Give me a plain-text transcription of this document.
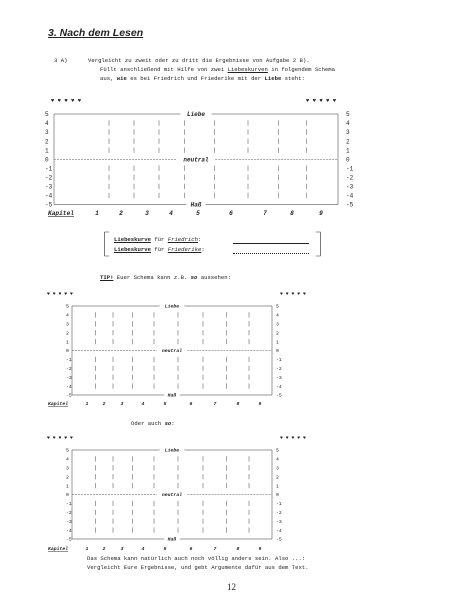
3. Nach dem Lesen
3 A)	Vergleicht zu zweit oder zu dritt die Ergebnisse von Aufgabe 2 B).
Füllt anschließend mit Hilfe von zwei Liebeskurven in folgendem Schema
aus, wie es bei Friedrich und Friederike mit der Liebe steht:
♥ ♥ ♥ ♥ ♥	♥ ♥ ♥ ♥ ♥
5
4
3
2
1
0
-1
-2
-3
-4
-5
5
4
3
2
1
0
-1
-2
-3
-4
-5
Liebe
Haß
neutral
Kapitel	1	2	3	4	5	6	7	8	9
Liebeskurve für Friedrich:
Liebeskurve für Friederike:
TIP! Euer Schema kann z.B. so aussehen:
♥ ♥ ♥ ♥ ♥	♥ ♥ ♥ ♥ ♥
5
4
3
2
1
0
-1
-2
-3
-4
-5
5
4
3
2
1
0
-1
-2
-3
-4
-5
Liebe
Haß
neutral
Kapitel	1	2	3	4	5	6	7	8	9
Oder auch so:
♥ ♥ ♥ ♥ ♥	♥ ♥ ♥ ♥ ♥
5
4
3
2
1
0
-1
-2
-3
-4
-5
5
4
3
2
1
0
-1
-2
-3
-4
-5
Liebe
Haß
neutral
Kapitel	1	2	3	4	5	6	7	8	9
Das Schema kann natürlich auch noch völlig anders sein. Also ...:
Vergleicht Eure Ergebnisse, und gebt Argumente dafür aus dem Text.
12
